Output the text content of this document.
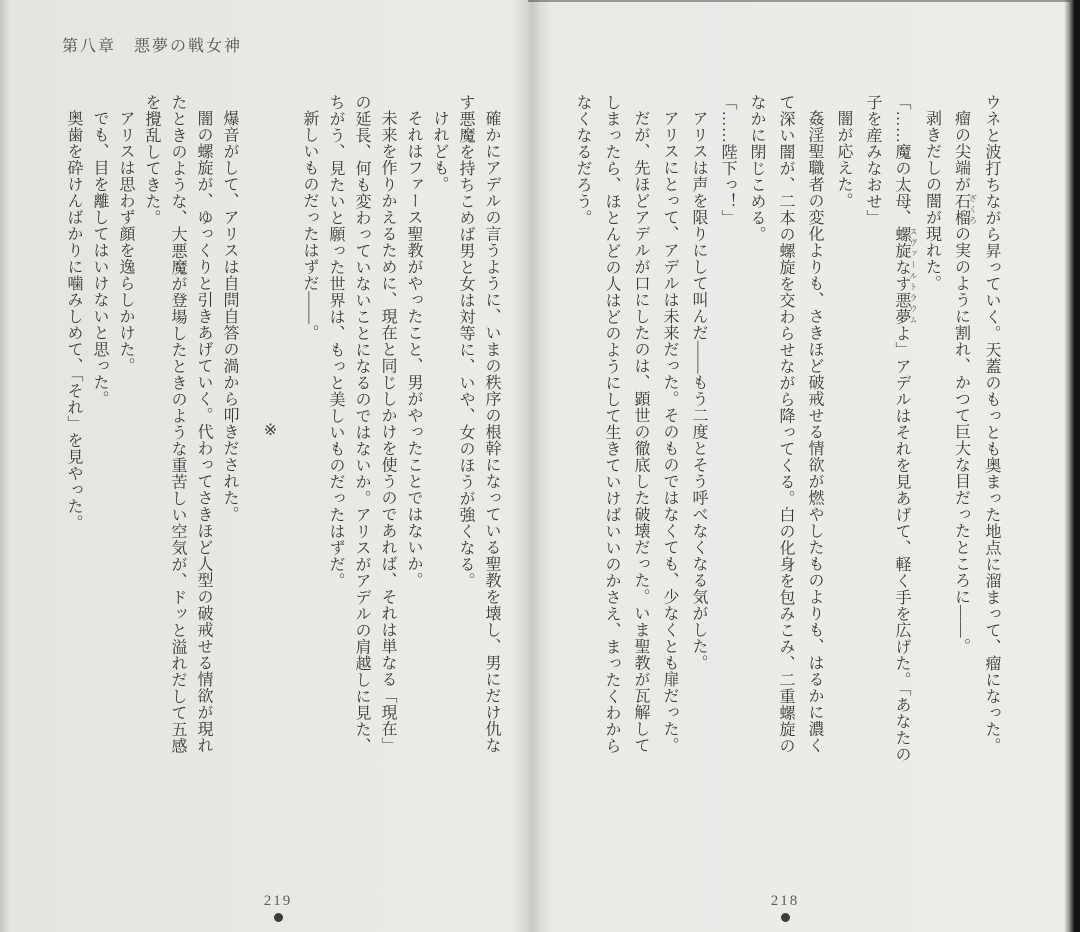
第八章　悪夢の戦女神

確かにアデルの言うように、いまの秩序の根幹になっている聖教を壊し、男にだけ仇なす悪魔を持ちこめば男と女は対等に、いや、女のほうが強くなる。

けれども。

それはファース聖教がやったこと、男がやったことではないか。

未来を作りかえるために、現在と同じしかけを使うのであれば、それは単なる「現在」の延長、何も変わっていないことになるのではないか。アリスがアデルの肩越しに見た、ちがう、見たいと願った世界は、もっと美しいものだったはずだ。

新しいものだったはずだ――。

※

爆音がして、アリスは自問自答の渦から叩きだされた。

闇の螺旋が、ゆっくりと引きあげていく。代わってさきほど人型の破戒せる情欲が現れたときのような、大悪魔が登場したときのような重苦しい空気が、ドッと溢れだして五感を攪乱してきた。

アリスは思わず顔を逸らしかけた。

でも、目を離してはいけないと思った。

奥歯を砕けんばかりに噛みしめて、「それ」を見やった。

219

ウネと波打ちながら昇っていく。天蓋のもっとも奥まった地点に溜まって、瘤になった。

瘤の尖端が石榴 ざくろの実のように割れ、かつて巨大な目だったところに――。

剥きだしの闇が現れた。

「……魔の太母、螺旋なす悪夢 スヴァールトラウムよ」アデルはそれを見あげて、軽く手を広げた。「あなたの子を産みなおせ」

闇が応えた。

姦淫聖職者の変化よりも、さきほど破戒せる情欲が燃やしたものよりも、はるかに濃くて深い闇が、二本の螺旋を交わらせながら降ってくる。白の化身を包みこみ、二重螺旋のなかに閉じこめる。

「……陛下っ！」

アリスは声を限りにして叫んだ――もう二度とそう呼べなくなる気がした。

アリスにとって、アデルは未来だった。そのものではなくても、少なくとも扉だった。

だが、先ほどアデルが口にしたのは、顕世の徹底した破壊だった。いま聖教が瓦解してしまったら、ほとんどの人はどのようにして生きていけばいいのかさえ、まったくわからなくなるだろう。

218
